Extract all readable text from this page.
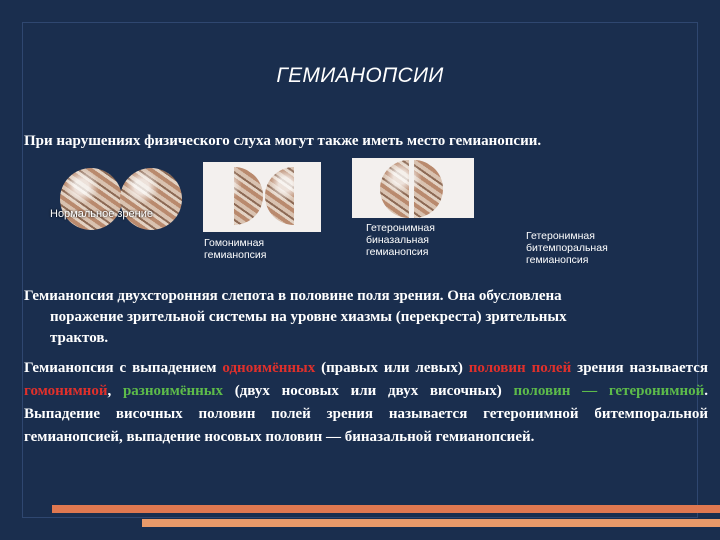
ГЕМИАНОПСИИ
При нарушениях физического слуха могут также иметь место гемианопсии.
Нормальное зрение
Гомонимная
гемианопсия
Гетеронимная
биназальная
гемианопсия
Гетеронимная
битемпоральная
гемианопсия
Гемианопсия двухсторонняя слепота в половине поля зрения. Она обусловлена
поражение зрительной системы на уровне хиазмы (перекреста) зрительных
трактов.
Гемианопсия с выпадением одноимённых (правых или левых) половин полей зрения называется гомонимной, разноимённых (двух носовых или двух височных) половин — гетеронимной. Выпадение височных половин полей зрения называется гетеронимной битемпоральной гемианопсией, выпадение носовых половин — биназальной гемианопсией.
